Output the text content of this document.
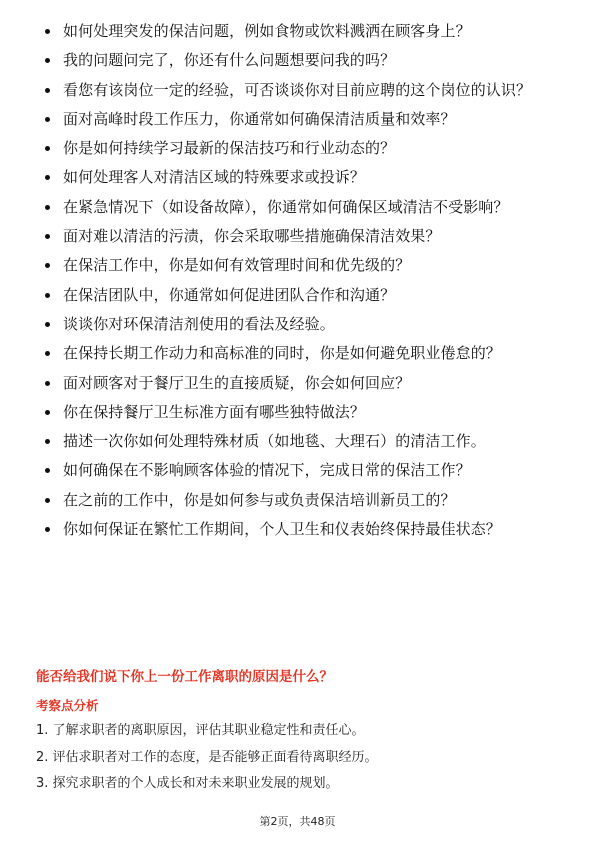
如何处理突发的保洁问题，例如食物或饮料溅洒在顾客身上？
我的问题问完了，你还有什么问题想要问我的吗？
看您有该岗位一定的经验，可否谈谈你对目前应聘的这个岗位的认识？
面对高峰时段工作压力，你通常如何确保清洁质量和效率？
你是如何持续学习最新的保洁技巧和行业动态的？
如何处理客人对清洁区域的特殊要求或投诉？
在紧急情况下（如设备故障），你通常如何确保区域清洁不受影响？
面对难以清洁的污渍，你会采取哪些措施确保清洁效果？
在保洁工作中，你是如何有效管理时间和优先级的？
在保洁团队中，你通常如何促进团队合作和沟通？
谈谈你对环保清洁剂使用的看法及经验。
在保持长期工作动力和高标准的同时，你是如何避免职业倦怠的？
面对顾客对于餐厅卫生的直接质疑，你会如何回应？
你在保持餐厅卫生标准方面有哪些独特做法？
描述一次你如何处理特殊材质（如地毯、大理石）的清洁工作。
如何确保在不影响顾客体验的情况下，完成日常的保洁工作？
在之前的工作中，你是如何参与或负责保洁培训新员工的？
你如何保证在繁忙工作期间，个人卫生和仪表始终保持最佳状态？
能否给我们说下你上一份工作离职的原因是什么？
考察点分析
1. 了解求职者的离职原因，评估其职业稳定性和责任心。
2. 评估求职者对工作的态度，是否能够正面看待离职经历。
3. 探究求职者的个人成长和对未来职业发展的规划。
第2页，共48页
